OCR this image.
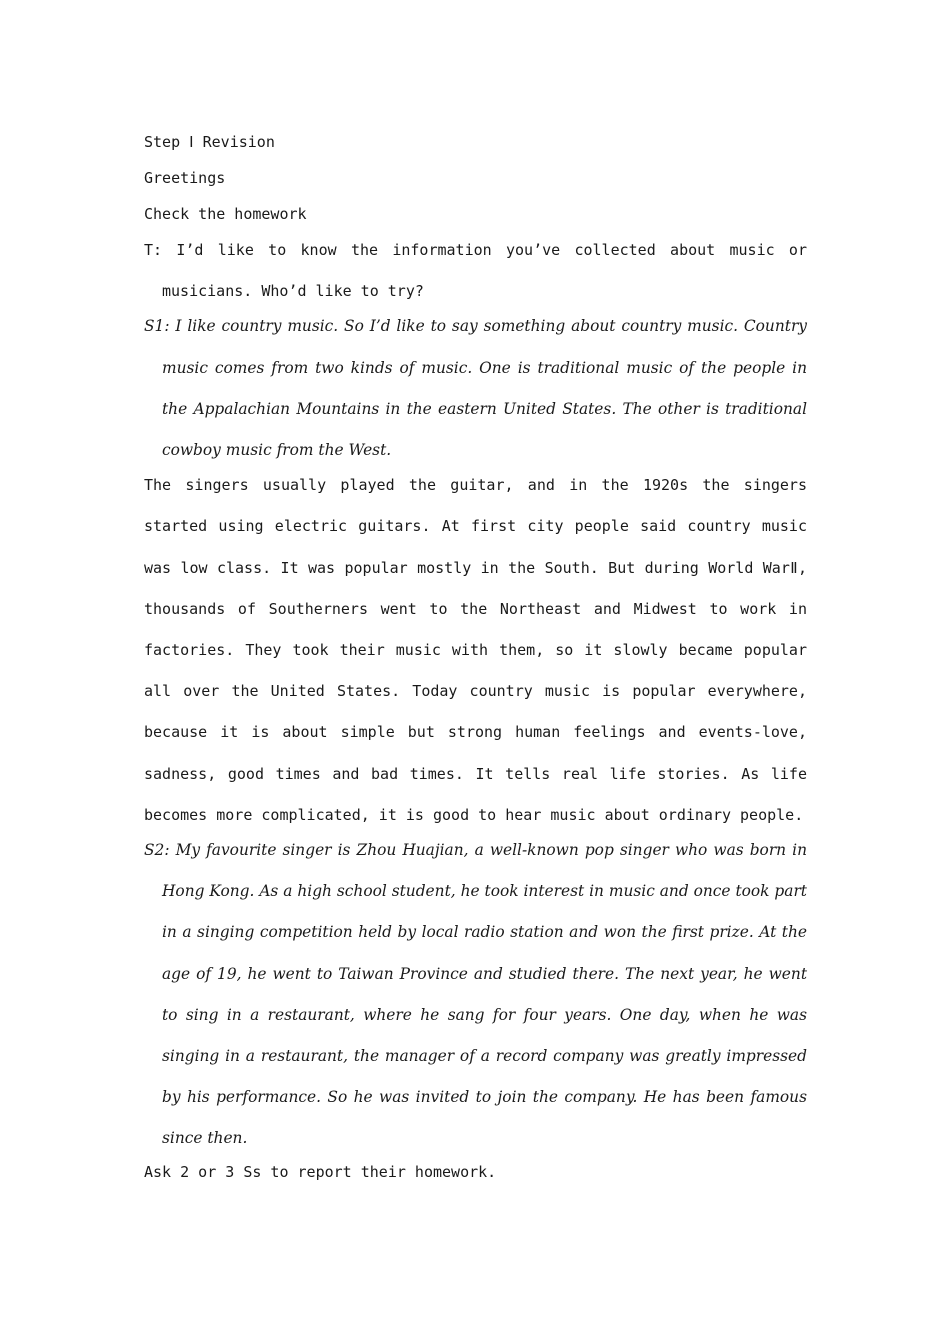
Step Ⅰ Revision

Greetings

Check the homework

T: I’d like to know the information you’ve collected about music or musicians. Who’d like to try?

S1: I like country music. So I’d like to say something about country music. Country music comes from two kinds of music. One is traditional music of the people in the Appalachian Mountains in the eastern United States. The other is traditional cowboy music from the West.

The singers usually played the guitar, and in the 1920s the singers started using electric guitars. At first city people said country music was low class. It was popular mostly in the South. But during World WarⅡ, thousands of Southerners went to the Northeast and Midwest to work in factories. They took their music with them, so it slowly became popular all over the United States. Today country music is popular everywhere, because it is about simple but strong human feelings and events-love, sadness, good times and bad times. It tells real life stories. As life becomes more complicated, it is good to hear music about ordinary people.

S2: My favourite singer is Zhou Huajian, a well-known pop singer who was born in Hong Kong. As a high school student, he took interest in music and once took part in a singing competition held by local radio station and won the first prize. At the age of 19, he went to Taiwan Province and studied there. The next year, he went to sing in a restaurant, where he sang for four years. One day, when he was singing in a restaurant, the manager of a record company was greatly impressed by his performance. So he was invited to join the company. He has been famous since then.

Ask 2 or 3 Ss to report their homework.
